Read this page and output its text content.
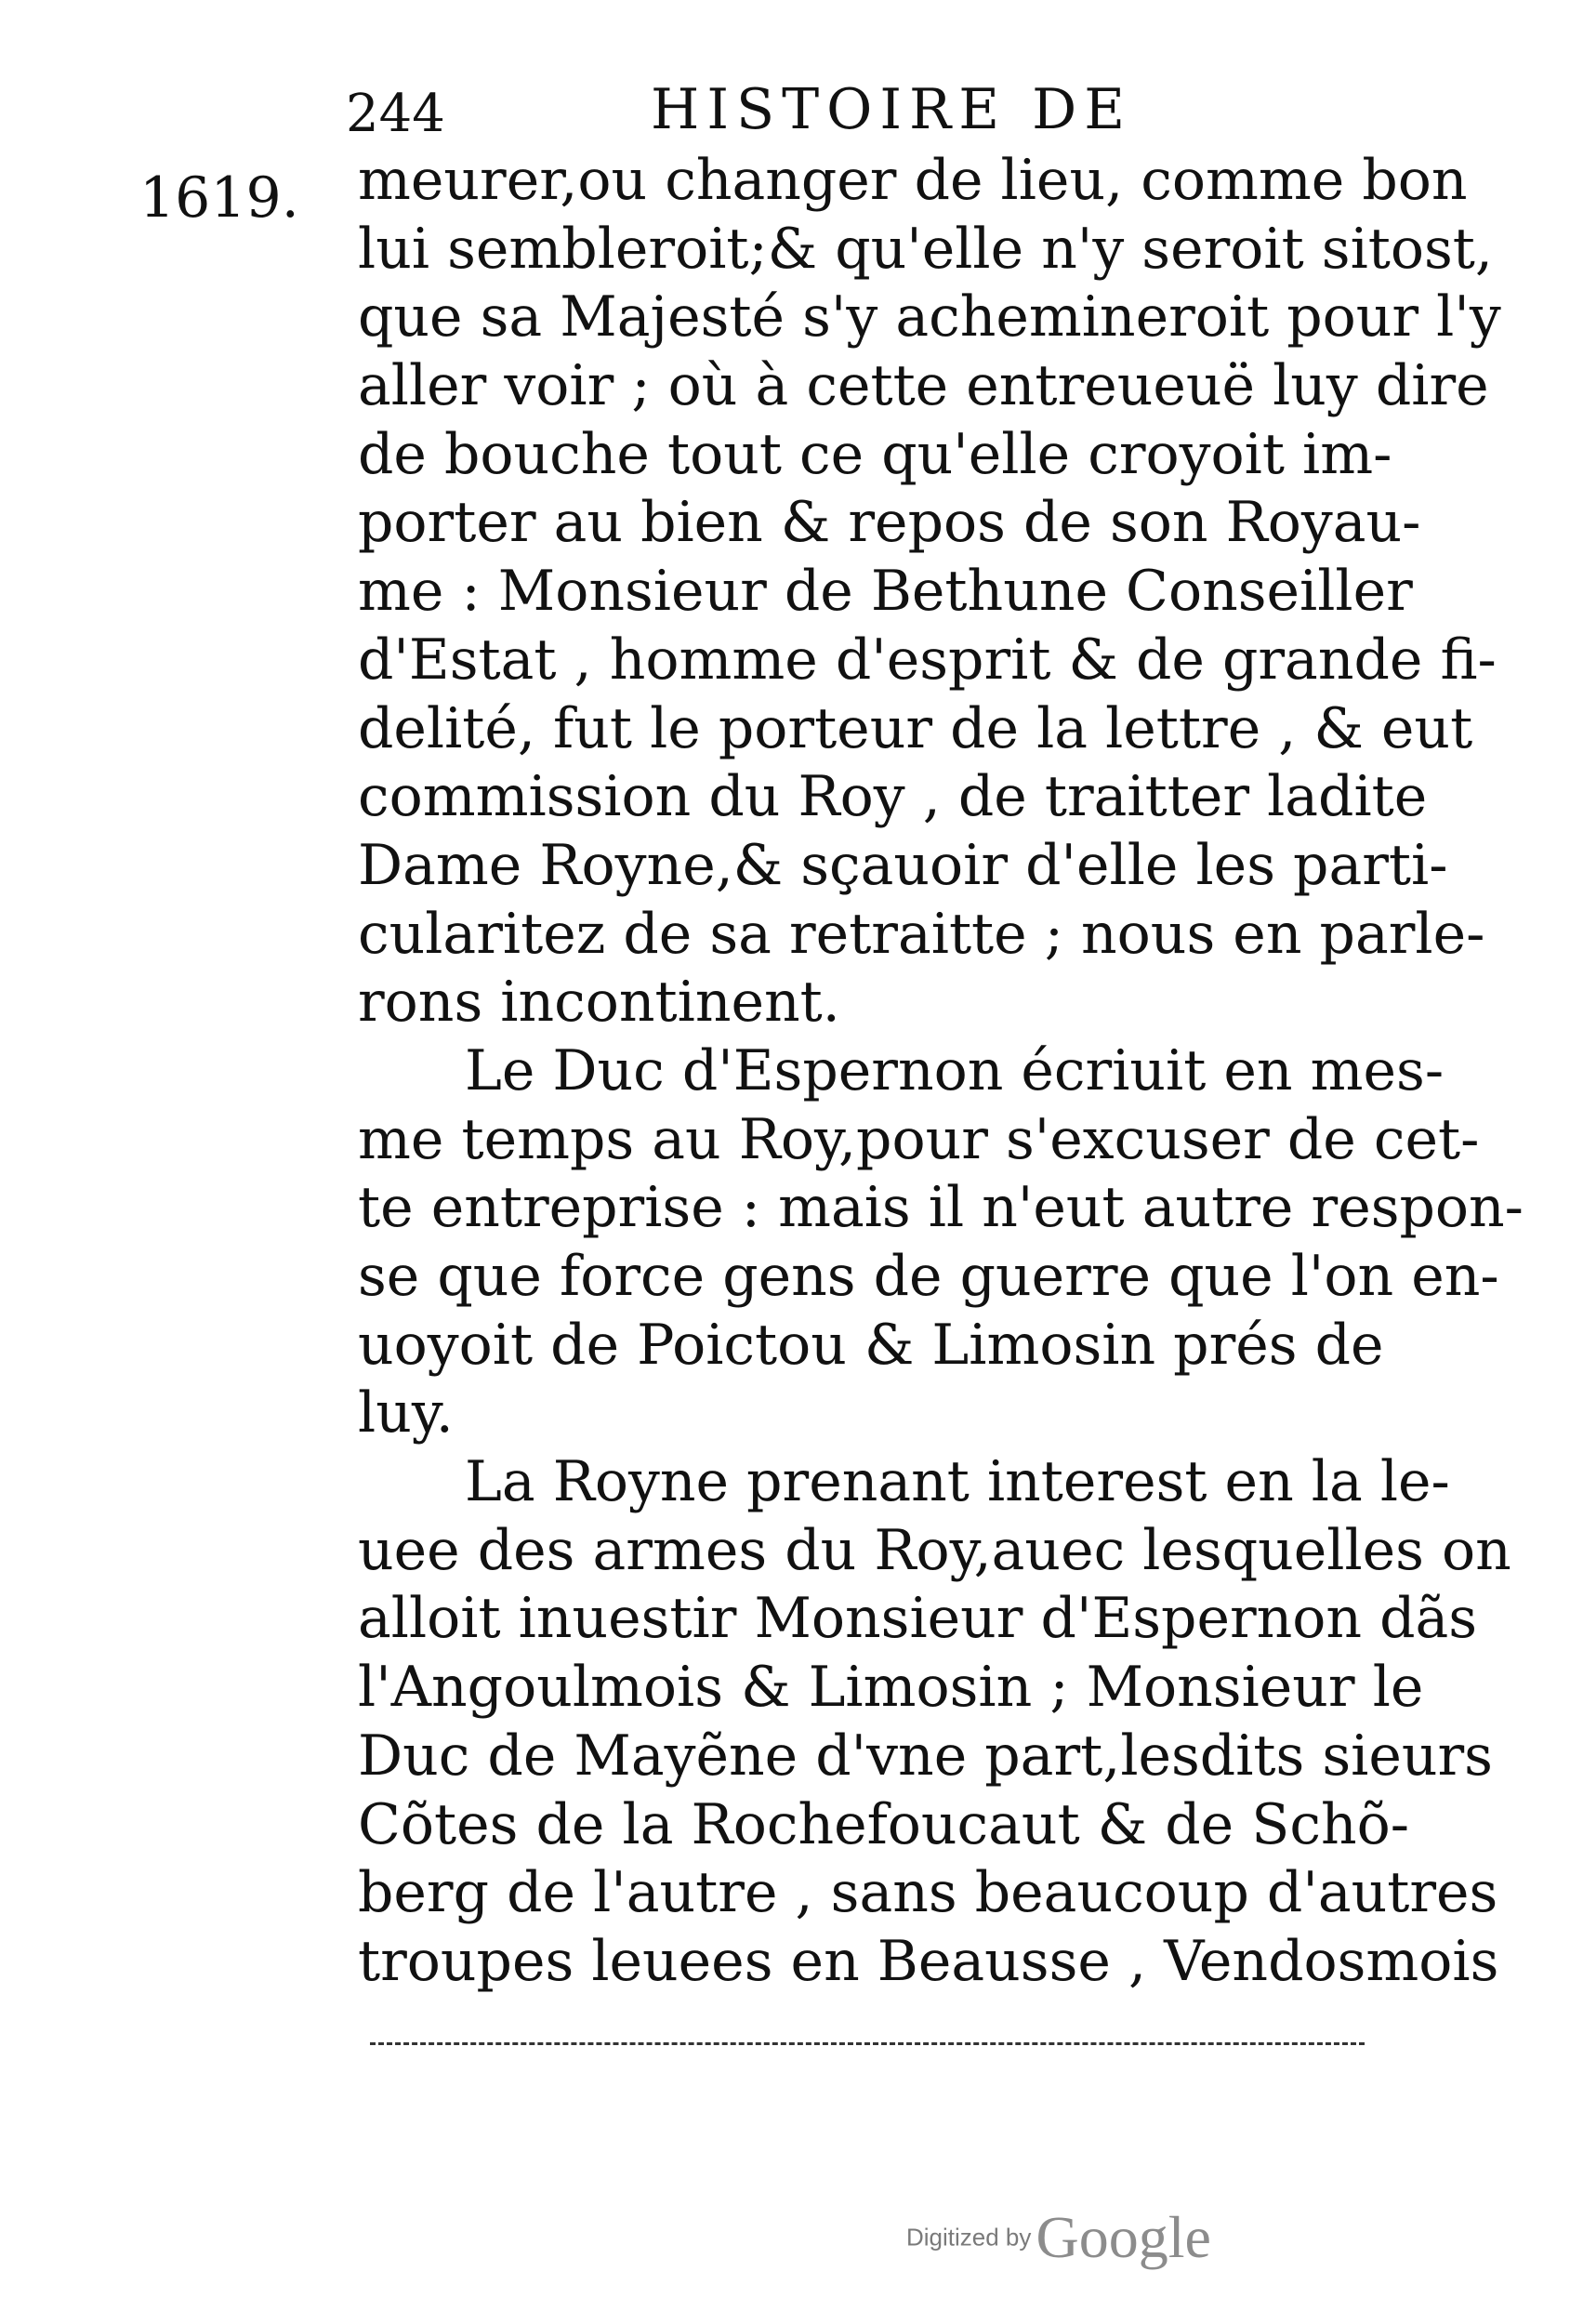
244	HISTOIRE DE
1619. meurer,ou changer de lieu, comme bon
lui sembleroit;& qu'elle n'y seroit sitost,
que sa Majesté s'y achemineroit pour l'y
aller voir ; où à cette entreueuë luy dire
de bouche tout ce qu'elle croyoit im-
porter au bien & repos de son Royau-
me : Monsieur de Bethune Conseiller
d'Estat , homme d'esprit & de grande fi-
delité, fut le porteur de la lettre , & eut
commission du Roy , de traitter ladite
Dame Royne,& sçauoir d'elle les parti-
cularitez de sa retraitte ; nous en parle-
rons incontinent.
Le Duc d'Espernon écriuit en mes-
me temps au Roy,pour s'excuser de cet-
te entreprise : mais il n'eut autre respon-
se que force gens de guerre que l'on en-
uoyoit de Poictou & Limosin prés de
luy.
La Royne prenant interest en la le-
uee des armes du Roy,auec lesquelles on
alloit inuestir Monsieur d'Espernon dãs
l'Angoulmois & Limosin ; Monsieur le
Duc de Mayẽne d'vne part,lesdits sieurs
Cõtes de la Rochefoucaut & de Schõ-
berg de l'autre , sans beaucoup d'autres
troupes leuees en Beausse , Vendosmois
Digitized by Google
